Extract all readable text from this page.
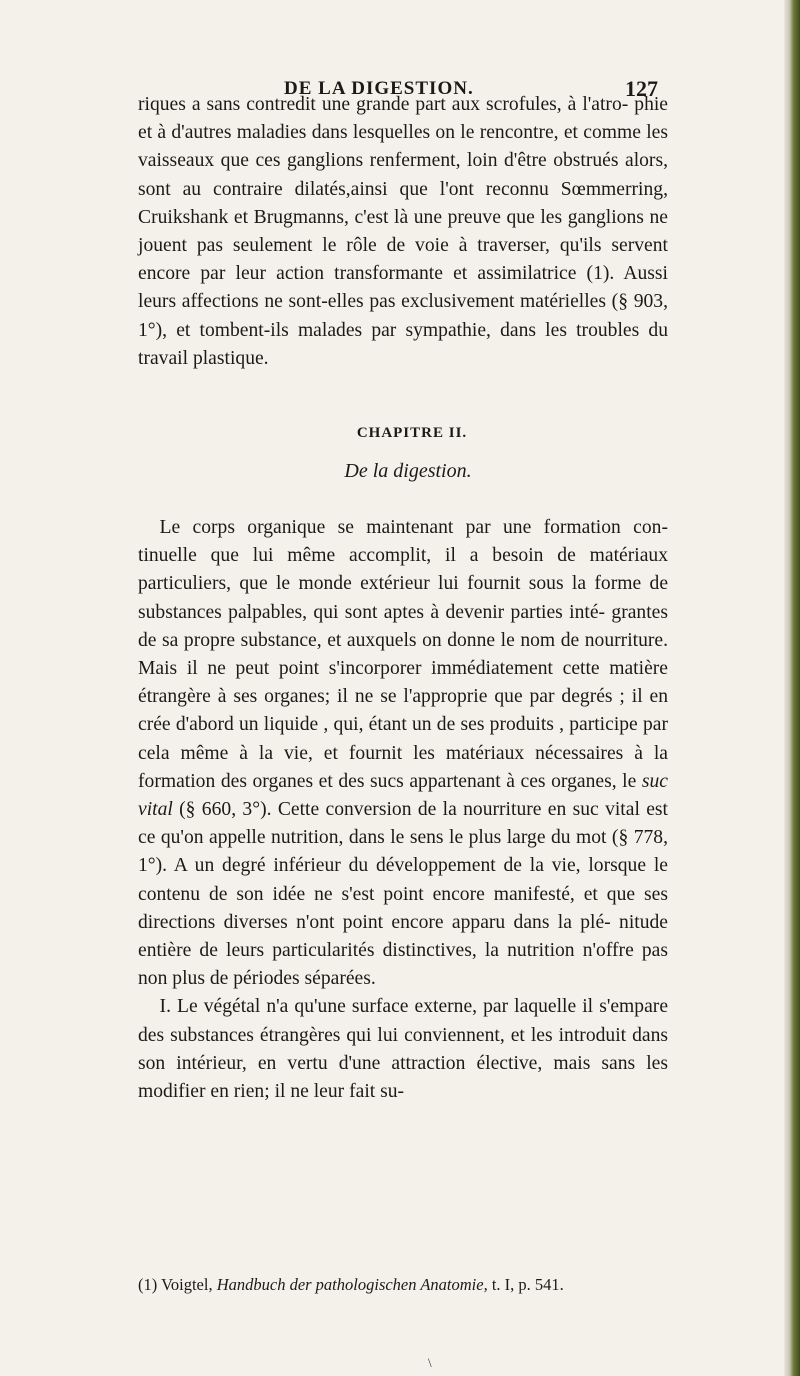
DE LA DIGESTION.	127

riques a sans contredit une grande part aux scrofules, à l'atro- phie et à d'autres maladies dans lesquelles on le rencontre, et comme les vaisseaux que ces ganglions renferment, loin d'être obstrués alors, sont au contraire dilatés,ainsi que l'ont reconnu Sœmmerring, Cruikshank et Brugmanns, c'est là une preuve que les ganglions ne jouent pas seulement le rôle de voie à traverser, qu'ils servent encore par leur action transformante et assimilatrice (1). Aussi leurs affections ne sont-elles pas exclusivement matérielles (§ 903, 1°), et tombent-ils malades par sympathie, dans les troubles du travail plastique.

CHAPITRE II.
De la digestion.

Le corps organique se maintenant par une formation con- tinuelle que lui même accomplit, il a besoin de matériaux particuliers, que le monde extérieur lui fournit sous la forme de substances palpables, qui sont aptes à devenir parties inté- grantes de sa propre substance, et auxquels on donne le nom de nourriture. Mais il ne peut point s'incorporer immédiatement cette matière étrangère à ses organes; il ne se l'approprie que par degrés ; il en crée d'abord un liquide , qui, étant un de ses produits , participe par cela même à la vie, et fournit les matériaux nécessaires à la formation des organes et des sucs appartenant à ces organes, le suc vital (§ 660, 3°). Cette conversion de la nourriture en suc vital est ce qu'on appelle nutrition, dans le sens le plus large du mot (§ 778, 1°). A un degré inférieur du développement de la vie, lorsque le contenu de son idée ne s'est point encore manifesté, et que ses directions diverses n'ont point encore apparu dans la plé- nitude entière de leurs particularités distinctives, la nutrition n'offre pas non plus de périodes séparées.

I. Le végétal n'a qu'une surface externe, par laquelle il s'empare des substances étrangères qui lui conviennent, et les introduit dans son intérieur, en vertu d'une attraction élective, mais sans les modifier en rien; il ne leur fait su-

(1) Voigtel, Handbuch der pathologischen Anatomie, t. I, p. 541.
\
